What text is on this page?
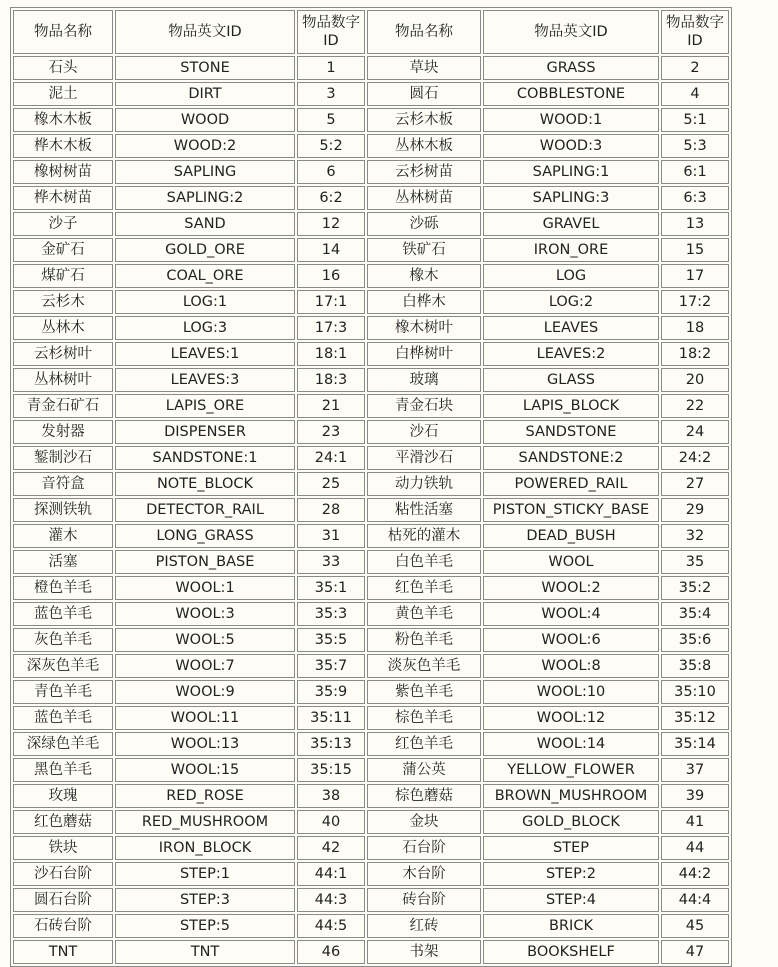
物品名称	物品英文ID	物品数字ID	物品名称	物品英文ID	物品数字ID
石头	STONE	1	草块	GRASS	2
泥土	DIRT	3	圆石	COBBLESTONE	4
橡木木板	WOOD	5	云杉木板	WOOD:1	5:1
桦木木板	WOOD:2	5:2	丛林木板	WOOD:3	5:3
橡树树苗	SAPLING	6	云杉树苗	SAPLING:1	6:1
桦木树苗	SAPLING:2	6:2	丛林树苗	SAPLING:3	6:3
沙子	SAND	12	沙砾	GRAVEL	13
金矿石	GOLD_ORE	14	铁矿石	IRON_ORE	15
煤矿石	COAL_ORE	16	橡木	LOG	17
云杉木	LOG:1	17:1	白桦木	LOG:2	17:2
丛林木	LOG:3	17:3	橡木树叶	LEAVES	18
云杉树叶	LEAVES:1	18:1	白桦树叶	LEAVES:2	18:2
丛林树叶	LEAVES:3	18:3	玻璃	GLASS	20
青金石矿石	LAPIS_ORE	21	青金石块	LAPIS_BLOCK	22
发射器	DISPENSER	23	沙石	SANDSTONE	24
錾制沙石	SANDSTONE:1	24:1	平滑沙石	SANDSTONE:2	24:2
音符盒	NOTE_BLOCK	25	动力铁轨	POWERED_RAIL	27
探测铁轨	DETECTOR_RAIL	28	粘性活塞	PISTON_STICKY_BASE	29
灌木	LONG_GRASS	31	枯死的灌木	DEAD_BUSH	32
活塞	PISTON_BASE	33	白色羊毛	WOOL	35
橙色羊毛	WOOL:1	35:1	红色羊毛	WOOL:2	35:2
蓝色羊毛	WOOL:3	35:3	黄色羊毛	WOOL:4	35:4
灰色羊毛	WOOL:5	35:5	粉色羊毛	WOOL:6	35:6
深灰色羊毛	WOOL:7	35:7	淡灰色羊毛	WOOL:8	35:8
青色羊毛	WOOL:9	35:9	紫色羊毛	WOOL:10	35:10
蓝色羊毛	WOOL:11	35:11	棕色羊毛	WOOL:12	35:12
深绿色羊毛	WOOL:13	35:13	红色羊毛	WOOL:14	35:14
黑色羊毛	WOOL:15	35:15	蒲公英	YELLOW_FLOWER	37
玫瑰	RED_ROSE	38	棕色蘑菇	BROWN_MUSHROOM	39
红色蘑菇	RED_MUSHROOM	40	金块	GOLD_BLOCK	41
铁块	IRON_BLOCK	42	石台阶	STEP	44
沙石台阶	STEP:1	44:1	木台阶	STEP:2	44:2
圆石台阶	STEP:3	44:3	砖台阶	STEP:4	44:4
石砖台阶	STEP:5	44:5	红砖	BRICK	45
TNT	TNT	46	书架	BOOKSHELF	47
